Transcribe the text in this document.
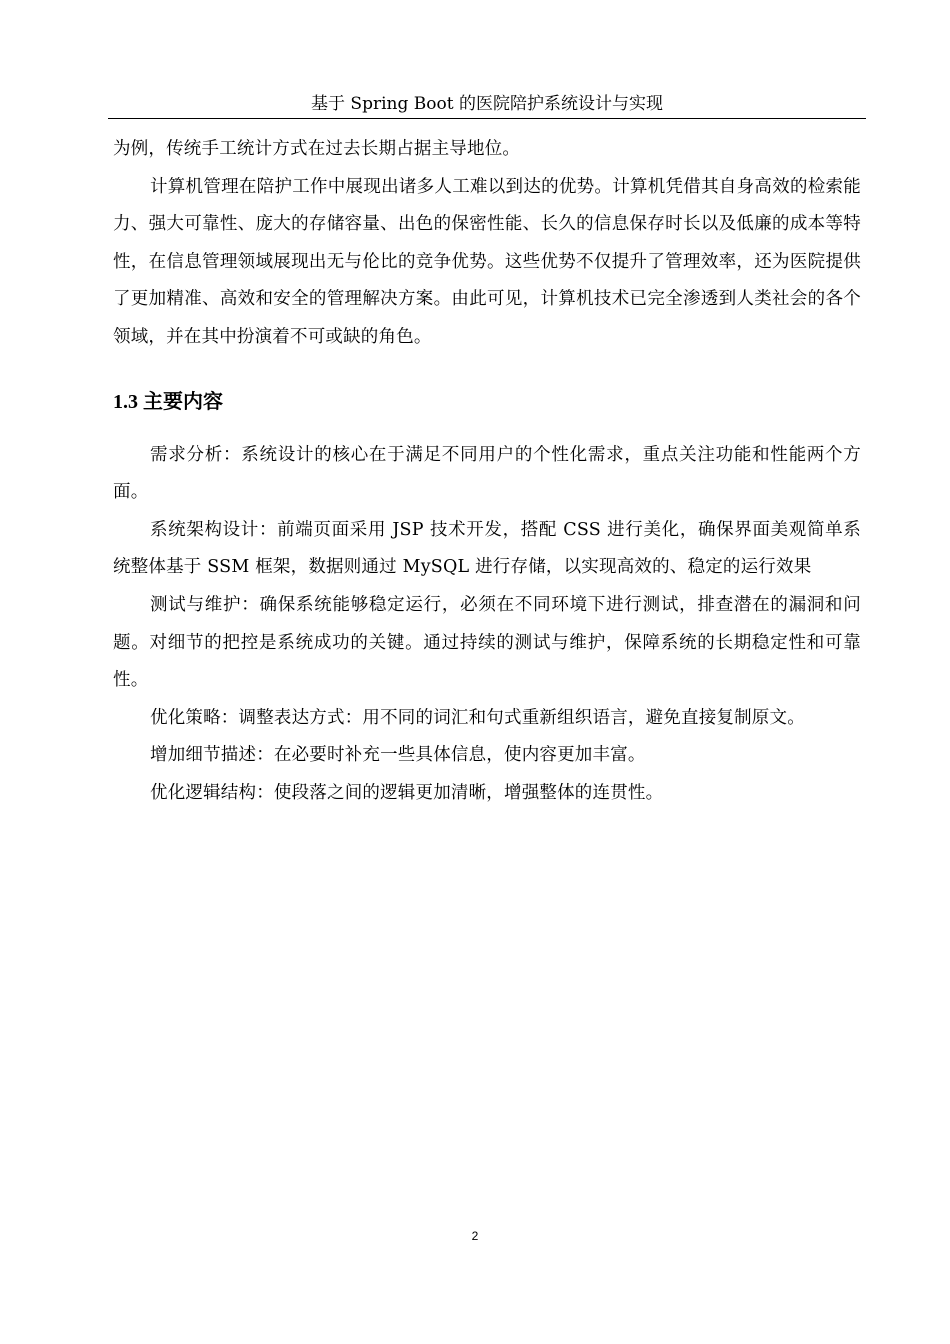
基于 Spring Boot 的医院陪护系统设计与实现

为例，传统手工统计方式在过去长期占据主导地位。

计算机管理在陪护工作中展现出诸多人工难以到达的优势。计算机凭借其自身高效的检索能力、强大可靠性、庞大的存储容量、出色的保密性能、长久的信息保存时长以及低廉的成本等特性，在信息管理领域展现出无与伦比的竞争优势。这些优势不仅提升了管理效率，还为医院提供了更加精准、高效和安全的管理解决方案。由此可见，计算机技术已完全渗透到人类社会的各个领域，并在其中扮演着不可或缺的角色。

1.3 主要内容

需求分析：系统设计的核心在于满足不同用户的个性化需求，重点关注功能和性能两个方面。

系统架构设计：前端页面采用 JSP 技术开发，搭配 CSS 进行美化，确保界面美观简单系统整体基于 SSM 框架，数据则通过 MySQL 进行存储，以实现高效的、稳定的运行效果

测试与维护：确保系统能够稳定运行，必须在不同环境下进行测试，排查潜在的漏洞和问题。对细节的把控是系统成功的关键。通过持续的测试与维护，保障系统的长期稳定性和可靠性。

优化策略：调整表达方式：用不同的词汇和句式重新组织语言，避免直接复制原文。

增加细节描述：在必要时补充一些具体信息，使内容更加丰富。

优化逻辑结构：使段落之间的逻辑更加清晰，增强整体的连贯性。

2
